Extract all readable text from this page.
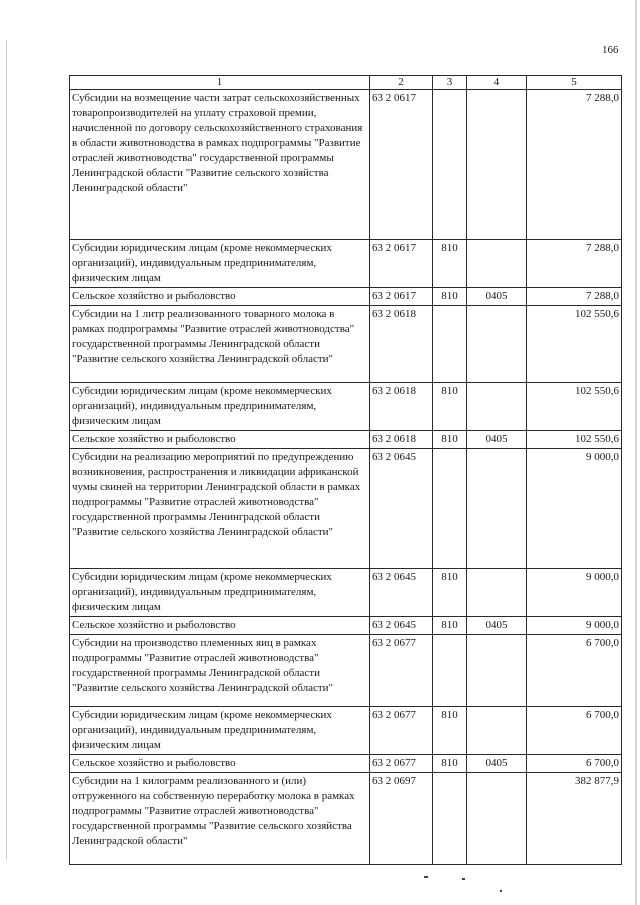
166
1	2	3	4	5
Субсидии на возмещение части затрат сельскохозяйственных товаропроизводителей на уплату страховой премии, начисленной по договору сельскохозяйственного страхования в области животноводства в рамках подпрограммы "Развитие отраслей животноводства" государственной программы Ленинградской области "Развитие сельского хозяйства Ленинградской области"	63 2 0617			7 288,0
Субсидии юридическим лицам (кроме некоммерческих организаций), индивидуальным предпринимателям, физическим лицам	63 2 0617	810		7 288,0
Сельское хозяйство и рыболовство	63 2 0617	810	0405	7 288,0
Субсидии на 1 литр реализованного товарного молока в рамках подпрограммы "Развитие отраслей животноводства" государственной программы Ленинградской области "Развитие сельского хозяйства Ленинградской области"	63 2 0618			102 550,6
Субсидии юридическим лицам (кроме некоммерческих организаций), индивидуальным предпринимателям, физическим лицам	63 2 0618	810		102 550,6
Сельское хозяйство и рыболовство	63 2 0618	810	0405	102 550,6
Субсидии на реализацию мероприятий по предупреждению возникновения, распространения и ликвидации африканской чумы свиней на территории Ленинградской области в рамках подпрограммы "Развитие отраслей животноводства" государственной программы Ленинградской области "Развитие сельского хозяйства Ленинградской области"	63 2 0645			9 000,0
Субсидии юридическим лицам (кроме некоммерческих организаций), индивидуальным предпринимателям, физическим лицам	63 2 0645	810		9 000,0
Сельское хозяйство и рыболовство	63 2 0645	810	0405	9 000,0
Субсидии на производство племенных яиц в рамках подпрограммы "Развитие отраслей животноводства" государственной программы Ленинградской области "Развитие сельского хозяйства Ленинградской области"	63 2 0677			6 700,0
Субсидии юридическим лицам (кроме некоммерческих организаций), индивидуальным предпринимателям, физическим лицам	63 2 0677	810		6 700,0
Сельское хозяйство и рыболовство	63 2 0677	810	0405	6 700,0
Субсидии на 1 килограмм реализованного и (или) отгруженного на собственную переработку молока в рамках подпрограммы "Развитие отраслей животноводства" государственной программы "Развитие сельского хозяйства Ленинградской области"	63 2 0697			382 877,9
